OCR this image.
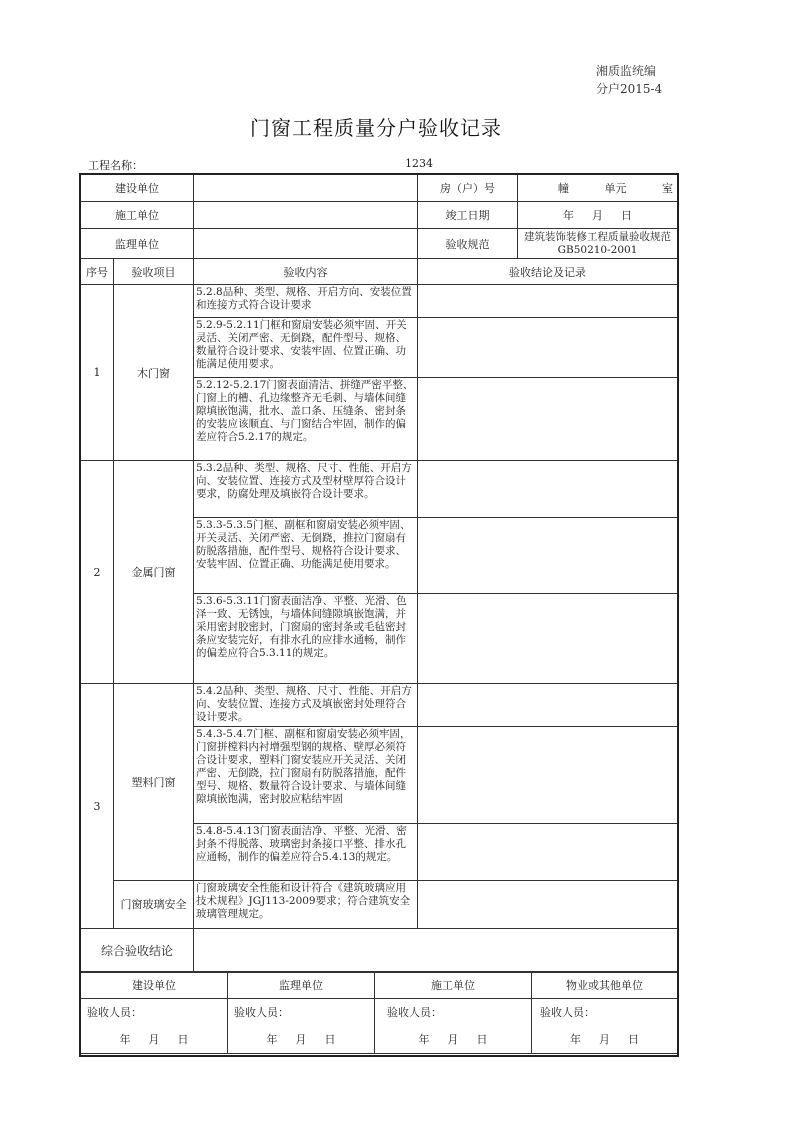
湘质监统编
分户2015-4
门窗工程质量分户验收记录
工程名称：	1234
建设单位			房（户）号	幢 单元 室

施工单位			竣工日期	年 月 日

监理单位			验收规范	建筑装饰装修工程质量验收规范GB50210-2001
序号	验收项目	验收内容	验收结论及记录	
1	木门窗	5.2.8品种、类型、规格、开启方向、安装位置和连接方式符合设计要求		
		5.2.9-5.2.11门框和窗扇安装必须牢固、开关灵活、关闭严密、无倒跷，配件型号、规格、数量符合设计要求、安装牢固、位置正确、功能满足使用要求。		
		5.2.12-5.2.17门窗表面清洁、拼缝严密平整、门窗上的槽、孔边缘整齐无毛刺、与墙体间缝隙填嵌饱满，批水、盖口条、压缝条、密封条的安装应该顺直、与门窗结合牢固，制作的偏差应符合5.2.17的规定。		
2	金属门窗	5.3.2品种、类型、规格、尺寸、性能、开启方向、安装位置、连接方式及型材壁厚符合设计要求，防腐处理及填嵌符合设计要求。		
		5.3.3-5.3.5门框、副框和窗扇安装必须牢固、开关灵活、关闭严密、无倒跷，推拉门窗扇有防脱落措施，配件型号、规格符合设计要求、安装牢固、位置正确、功能满足使用要求。		
		5.3.6-5.3.11门窗表面洁净、平整、光滑、色泽一致、无锈蚀，与墙体间缝隙填嵌饱满，并采用密封胶密封，门窗扇的密封条或毛毡密封条应安装完好，有排水孔的应排水通畅，制作的偏差应符合5.3.11的规定。		
3	塑料门窗	5.4.2品种、类型、规格、尺寸、性能、开启方向、安装位置、连接方式及填嵌密封处理符合设计要求。		
		5.4.3-5.4.7门框、副框和窗扇安装必须牢固，门窗拼樘料内衬增强型钢的规格、壁厚必须符合设计要求，塑料门窗安装应开关灵活、关闭严密、无倒跷，拉门窗扇有防脱落措施，配件型号、规格、数量符合设计要求、与墙体间缝隙填嵌饱满，密封胶应粘结牢固		
		5.4.8-5.4.13门窗表面洁净、平整、光滑、密封条不得脱落、玻璃密封条接口平整、排水孔应通畅，制作的偏差应符合5.4.13的规定。		
	门窗玻璃安全	门窗玻璃安全性能和设计符合《建筑玻璃应用技术规程》JGJ113-2009要求；符合建筑安全玻璃管理规定。		
综合验收结论				
建设单位	监理单位	施工单位	物业或其他单位
验收人员：	验收人员：	验收人员：	验收人员：

年 月 日	年 月 日	年 月 日	年 月 日
